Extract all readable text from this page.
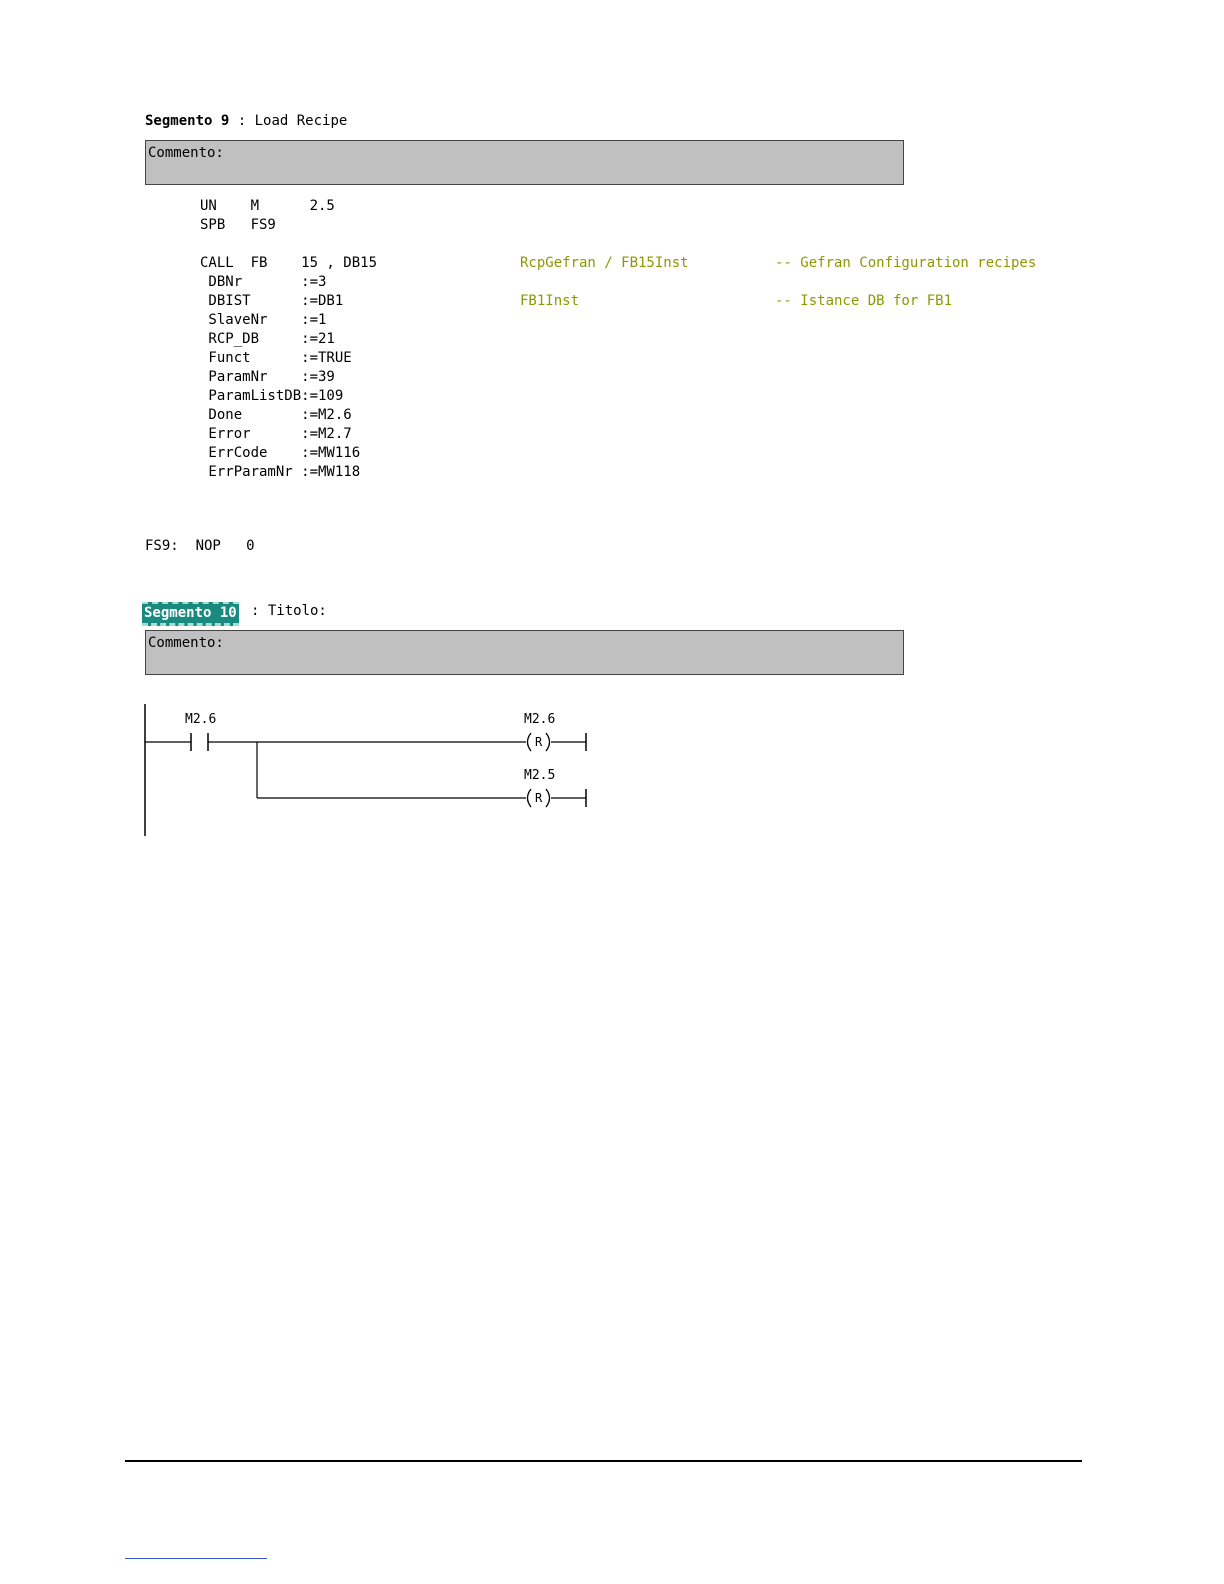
Segmento 9 : Load Recipe
Commento:
UN    M      2.5
SPB   FS9
CALL  FB    15 , DB15	RcpGefran / FB15Inst	-- Gefran Configuration recipes
DBNr       :=3
DBIST      :=DB1	FB1Inst	-- Istance DB for FB1
SlaveNr    :=1
RCP_DB     :=21
Funct      :=TRUE
ParamNr    :=39
ParamListDB:=109
Done       :=M2.6
Error      :=M2.7
ErrCode    :=MW116
ErrParamNr :=MW118
FS9:  NOP   0
Segmento 10 : Titolo:
Commento:
M2.6	M2.6
R
M2.5
R
